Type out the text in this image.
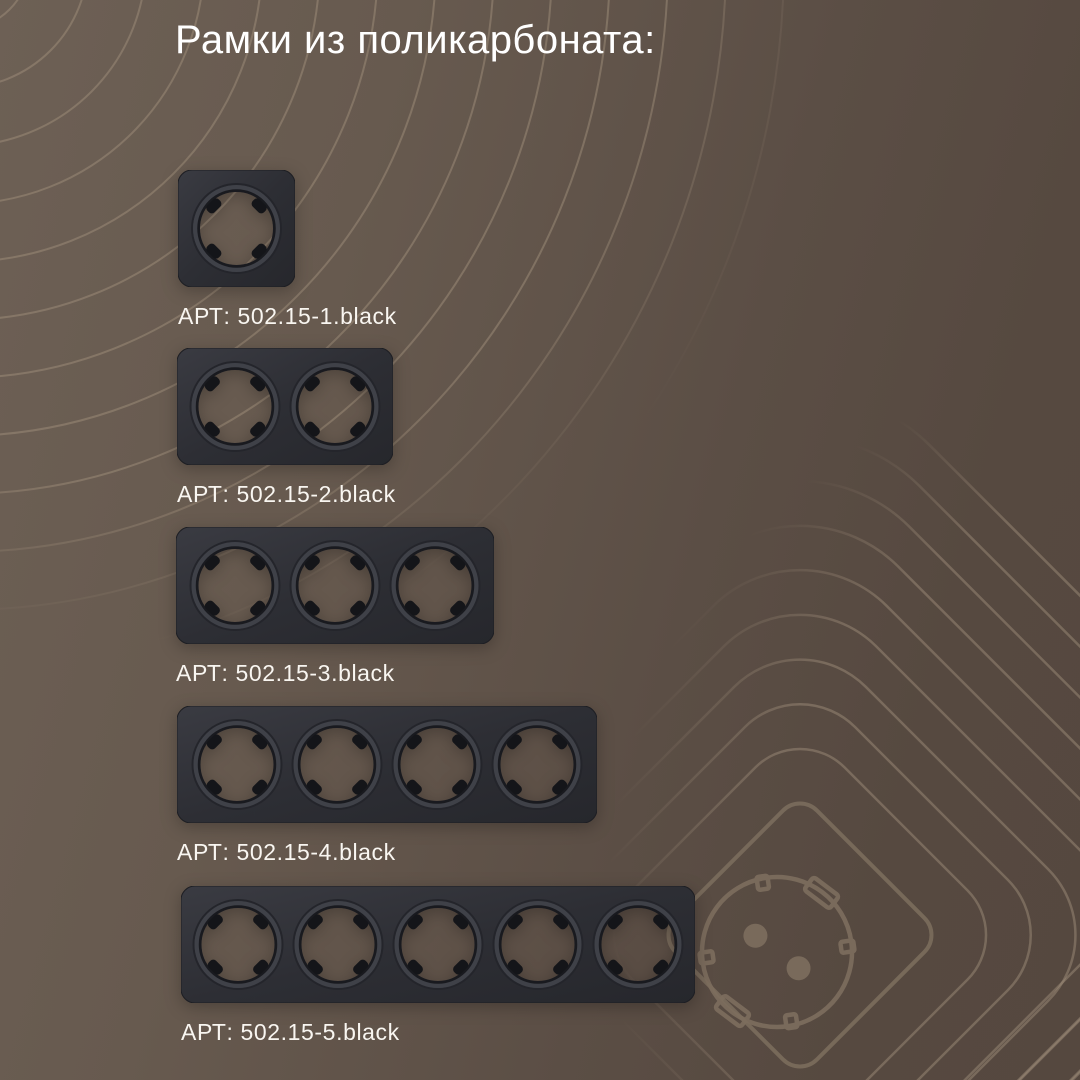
Рамки из поликарбоната:
АРТ: 502.15-1.black
АРТ: 502.15-2.black
АРТ: 502.15-3.black
АРТ: 502.15-4.black
АРТ: 502.15-5.black
